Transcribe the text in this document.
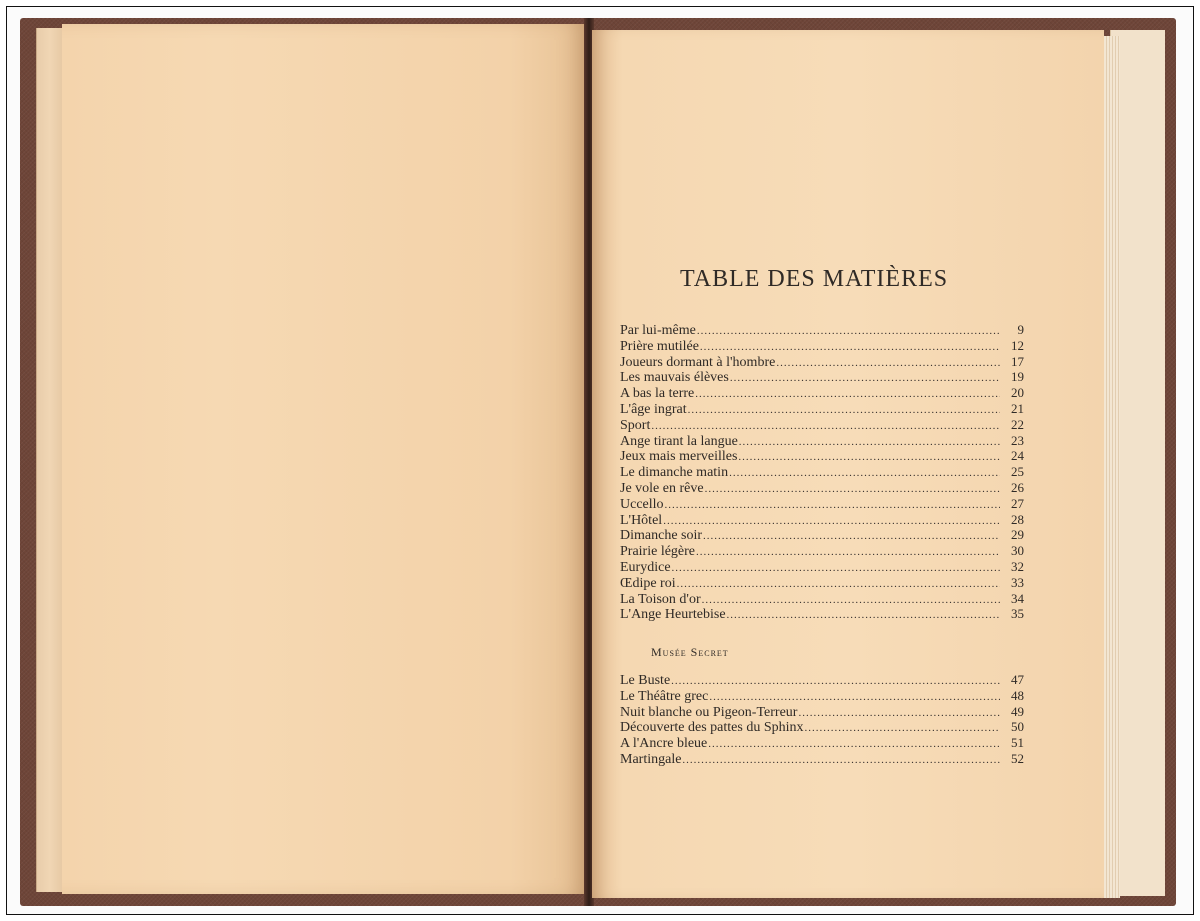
TABLE DES MATIÈRES
Par lui-même .....	9
Prière mutilée .....	12
Joueurs dormant à l'hombre .....	17
Les mauvais élèves .....	19
A bas la terre .....	20
L'âge ingrat .....	21
Sport .....	22
Ange tirant la langue .....	23
Jeux mais merveilles .....	24
Le dimanche matin .....	25
Je vole en rêve .....	26
Uccello .....	27
L'Hôtel .....	28
Dimanche soir .....	29
Prairie légère .....	30
Eurydice .....	32
Œdipe roi .....	33
La Toison d'or .....	34
L'Ange Heurtebise .....	35
Musée Secret
Le Buste .....	47
Le Théâtre grec .....	48
Nuit blanche ou Pigeon-Terreur .....	49
Découverte des pattes du Sphinx .....	50
A l'Ancre bleue .....	51
Martingale .....	52
